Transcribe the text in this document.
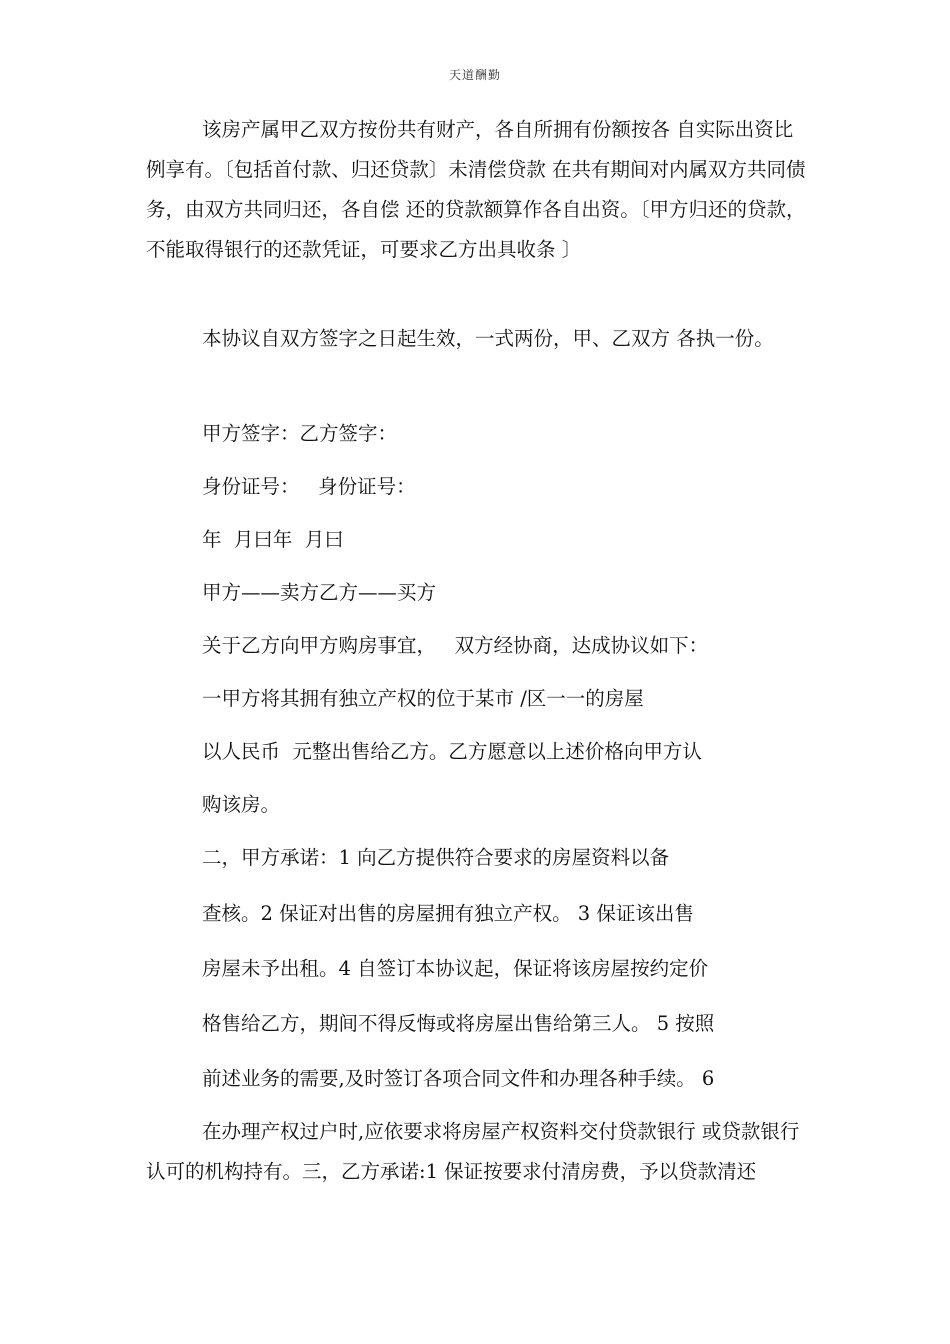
天道酬勤

该房产属甲乙双方按份共有财产，各自所拥有份额按各 自实际出资比例享有。〔包括首付款、归还贷款〕未清偿贷款 在共有期间对内属双方共同债务，由双方共同归还，各自偿 还的贷款额算作各自出资。〔甲方归还的贷款，不能取得银行的还款凭证，可要求乙方出具收条 〕

本协议自双方签字之日起生效，一式两份，甲、乙双方 各执一份。

甲方签字：乙方签字：

身份证号：   身份证号：

年  月曰年  月曰

甲方——卖方乙方——买方

关于乙方向甲方购房事宜，   双方经协商，达成协议如下：

一甲方将其拥有独立产权的位于某市 /区一一的房屋

以人民币  元整出售给乙方。乙方愿意以上述价格向甲方认

购该房。

二，甲方承诺：1 向乙方提供符合要求的房屋资料以备

查核。2 保证对出售的房屋拥有独立产权。 3 保证该出售

房屋未予出租。4 自签订本协议起，保证将该房屋按约定价

格售给乙方，期间不得反悔或将房屋出售给第三人。 5 按照

前述业务的需要,及时签订各项合同文件和办理各种手续。 6

在办理产权过户时,应依要求将房屋产权资料交付贷款银行 或贷款银行认可的机构持有。三，乙方承诺:1 保证按要求付清房费，予以贷款清还
